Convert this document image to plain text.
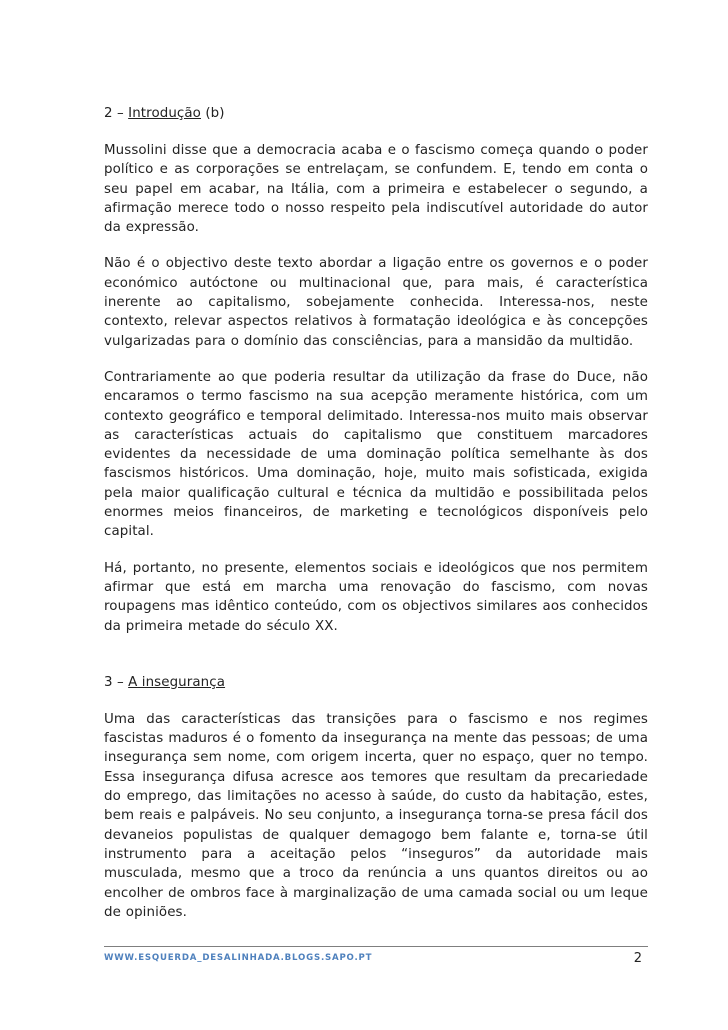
2 – Introdução (b)

Mussolini disse que a democracia acaba e o fascismo começa quando o poder político e as corporações se entrelaçam, se confundem. E, tendo em conta o seu papel em acabar, na Itália, com a primeira e estabelecer o segundo, a afirmação merece todo o nosso respeito pela indiscutível autoridade do autor da expressão.

Não é o objectivo deste texto abordar a ligação entre os governos e o poder económico autóctone ou multinacional que, para mais, é característica inerente ao capitalismo, sobejamente conhecida. Interessa-nos, neste contexto, relevar aspectos relativos à formatação ideológica e às concepções vulgarizadas para o domínio das consciências, para a mansidão da multidão.

Contrariamente ao que poderia resultar da utilização da frase do Duce, não encaramos o termo fascismo na sua acepção meramente histórica, com um contexto geográfico e temporal delimitado. Interessa-nos muito mais observar as características actuais do capitalismo que constituem marcadores evidentes da necessidade de uma dominação política semelhante às dos fascismos históricos. Uma dominação, hoje, muito mais sofisticada, exigida pela maior qualificação cultural e técnica da multidão e possibilitada pelos enormes meios financeiros, de marketing e tecnológicos disponíveis pelo capital.

Há, portanto, no presente, elementos sociais e ideológicos que nos permitem afirmar que está em marcha uma renovação do fascismo, com novas roupagens mas idêntico conteúdo, com os objectivos similares aos conhecidos da primeira metade do século XX.

3 – A insegurança

Uma das características das transições para o fascismo e nos regimes fascistas maduros é o fomento da insegurança na mente das pessoas; de uma insegurança sem nome, com origem incerta, quer no espaço, quer no tempo. Essa insegurança difusa acresce aos temores que resultam da precariedade do emprego, das limitações no acesso à saúde, do custo da habitação, estes, bem reais e palpáveis. No seu conjunto, a insegurança torna-se presa fácil dos devaneios populistas de qualquer demagogo bem falante e, torna-se útil instrumento para a aceitação pelos “inseguros” da autoridade mais musculada, mesmo que a troco da renúncia a uns quantos direitos ou ao encolher de ombros face à marginalização de uma camada social ou um leque de opiniões.

WWW.ESQUERDA_DESALINHADA.BLOGS.SAPO.PT	2
